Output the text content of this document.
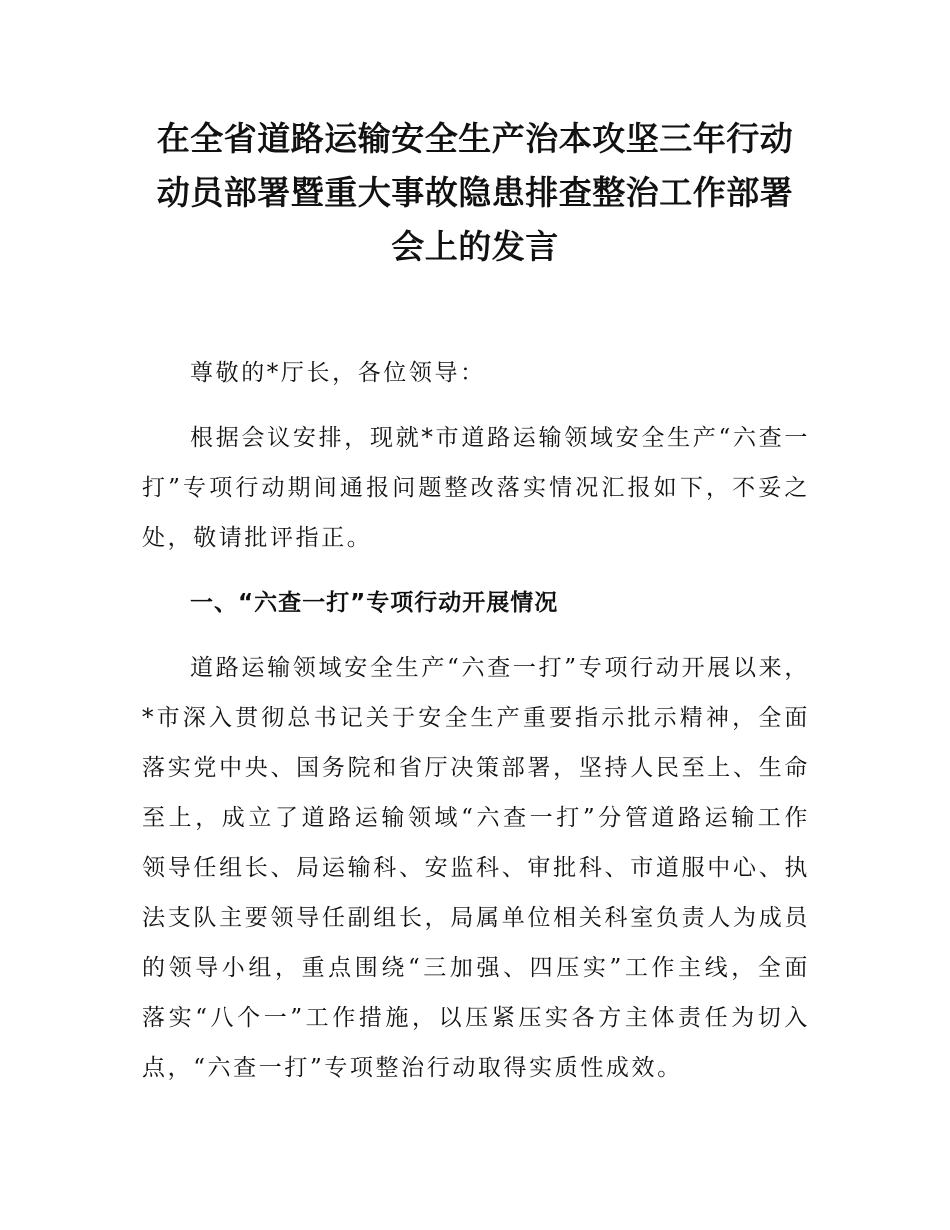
在全省道路运输安全生产治本攻坚三年行动
动员部署暨重大事故隐患排查整治工作部署
会上的发言

尊敬的*厅长，各位领导：

根据会议安排，现就*市道路运输领域安全生产“六查一打”专项行动期间通报问题整改落实情况汇报如下，不妥之处，敬请批评指正。

一、“六查一打”专项行动开展情况

道路运输领域安全生产“六查一打”专项行动开展以来，*市深入贯彻总书记关于安全生产重要指示批示精神，全面落实党中央、国务院和省厅决策部署，坚持人民至上、生命至上，成立了道路运输领域“六查一打”分管道路运输工作领导任组长、局运输科、安监科、审批科、市道服中心、执法支队主要领导任副组长，局属单位相关科室负责人为成员的领导小组，重点围绕“三加强、四压实”工作主线，全面落实“八个一”工作措施，以压紧压实各方主体责任为切入点，“六查一打”专项整治行动取得实质性成效。
